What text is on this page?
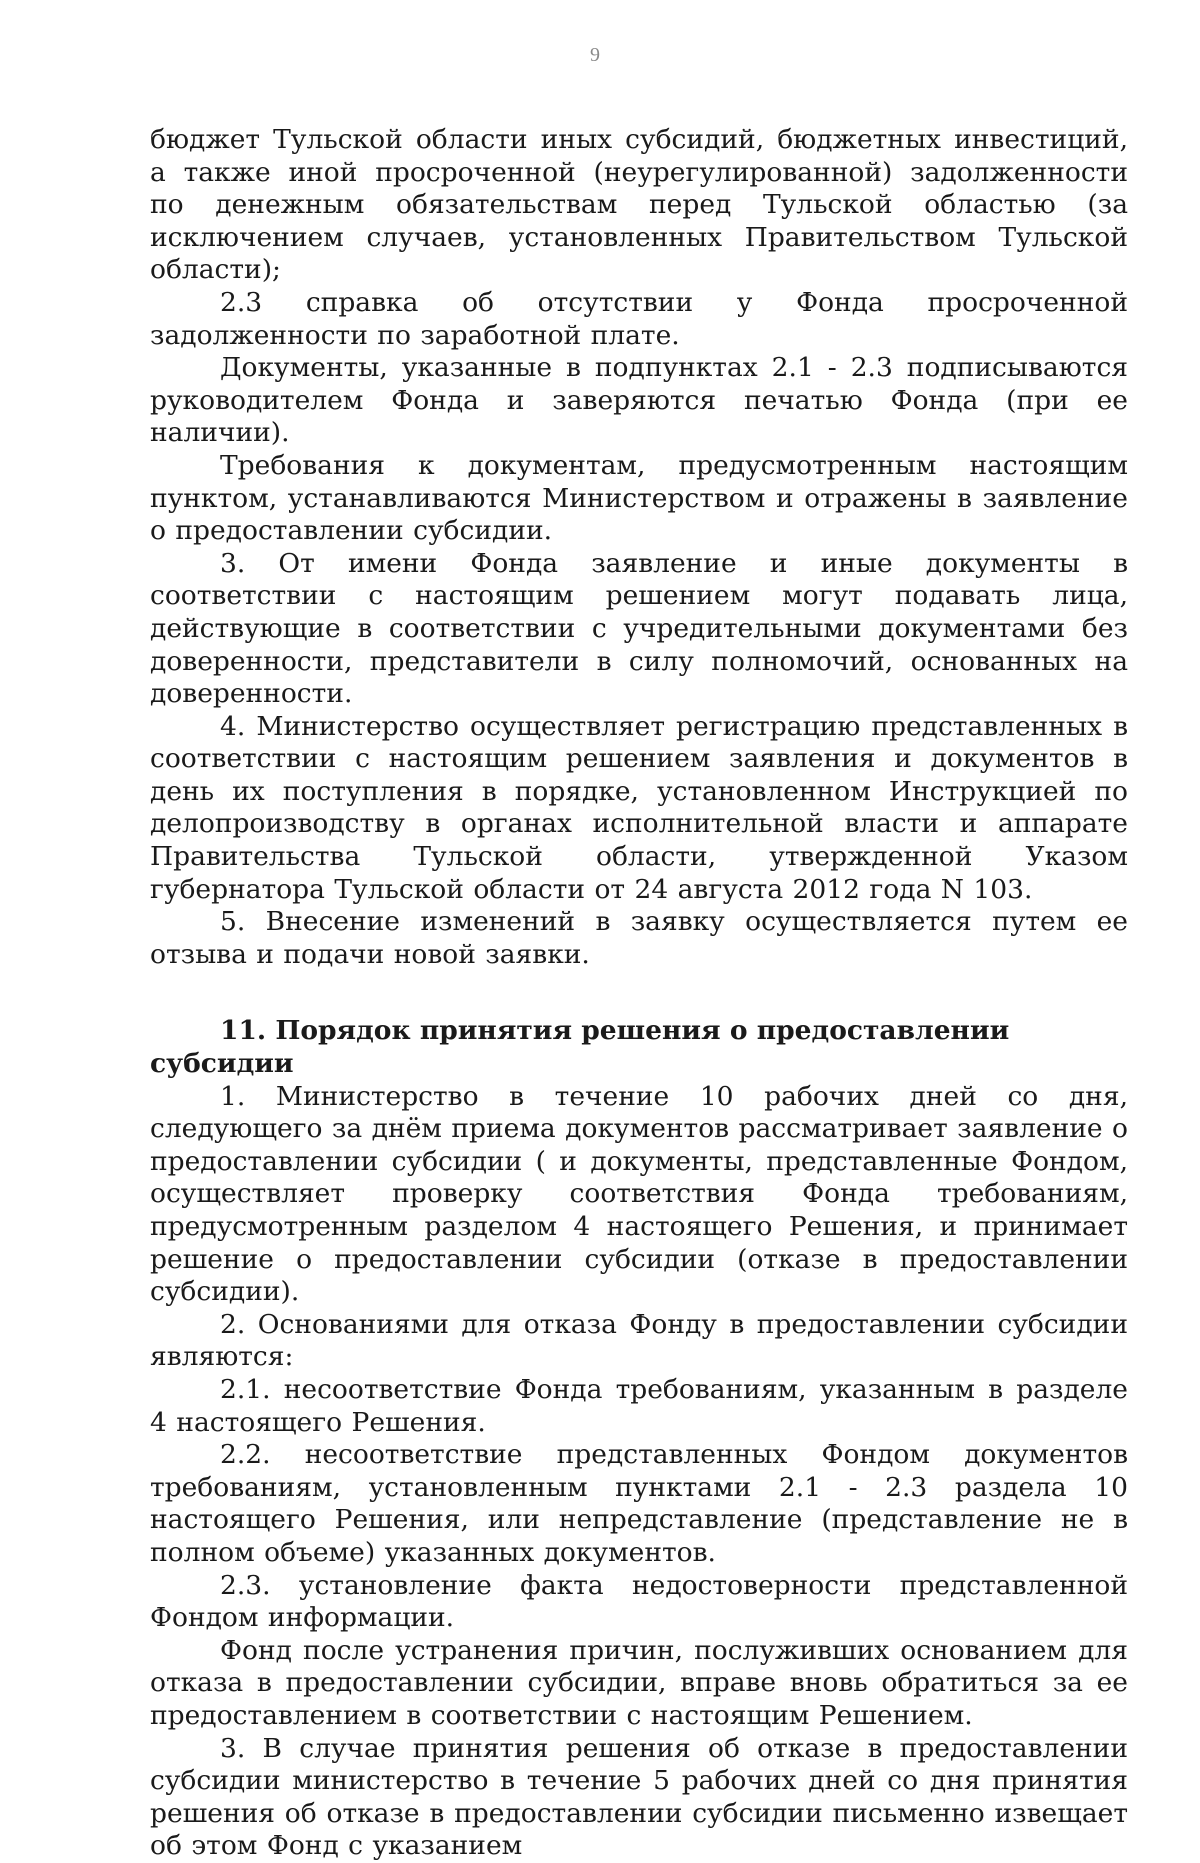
9

бюджет Тульской области иных субсидий, бюджетных инвестиций, а также иной просроченной (неурегулированной) задолженности по денежным обязательствам перед Тульской областью (за исключением случаев, установленных Правительством Тульской области);

2.3 справка об отсутствии у Фонда просроченной задолженности по заработной плате.

Документы, указанные в подпунктах 2.1 - 2.3 подписываются руководителем Фонда и заверяются печатью Фонда (при ее наличии).

Требования к документам, предусмотренным настоящим пунктом, устанавливаются Министерством и отражены в заявление о предоставлении субсидии.

3. От имени Фонда заявление и иные документы в соответствии с настоящим решением могут подавать лица, действующие в соответствии с учредительными документами без доверенности, представители в силу полномочий, основанных на доверенности.

4. Министерство осуществляет регистрацию представленных в соответствии с настоящим решением заявления и документов в день их поступления в порядке, установленном Инструкцией по делопроизводству в органах исполнительной власти и аппарате Правительства Тульской области, утвержденной Указом губернатора Тульской области от 24 августа 2012 года N 103.

5. Внесение изменений в заявку осуществляется путем ее отзыва и подачи новой заявки.

11. Порядок принятия решения о предоставлении субсидии

1. Министерство в течение 10 рабочих дней со дня, следующего за днём приема документов рассматривает заявление о предоставлении субсидии ( и документы, представленные Фондом, осуществляет проверку соответствия Фонда требованиям, предусмотренным разделом 4 настоящего Решения, и принимает решение о предоставлении субсидии (отказе в предоставлении субсидии).

2. Основаниями для отказа Фонду в предоставлении субсидии являются:

2.1. несоответствие Фонда требованиям, указанным в разделе 4 настоящего Решения.

2.2. несоответствие представленных Фондом документов требованиям, установленным пунктами 2.1 - 2.3 раздела 10 настоящего Решения, или непредставление (представление не в полном объеме) указанных документов.

2.3. установление факта недостоверности представленной Фондом информации.

Фонд после устранения причин, послуживших основанием для отказа в предоставлении субсидии, вправе вновь обратиться за ее предоставлением в соответствии с настоящим Решением.

3. В случае принятия решения об отказе в предоставлении субсидии министерство в течение 5 рабочих дней со дня принятия решения об отказе в предоставлении субсидии письменно извещает об этом Фонд с указанием
